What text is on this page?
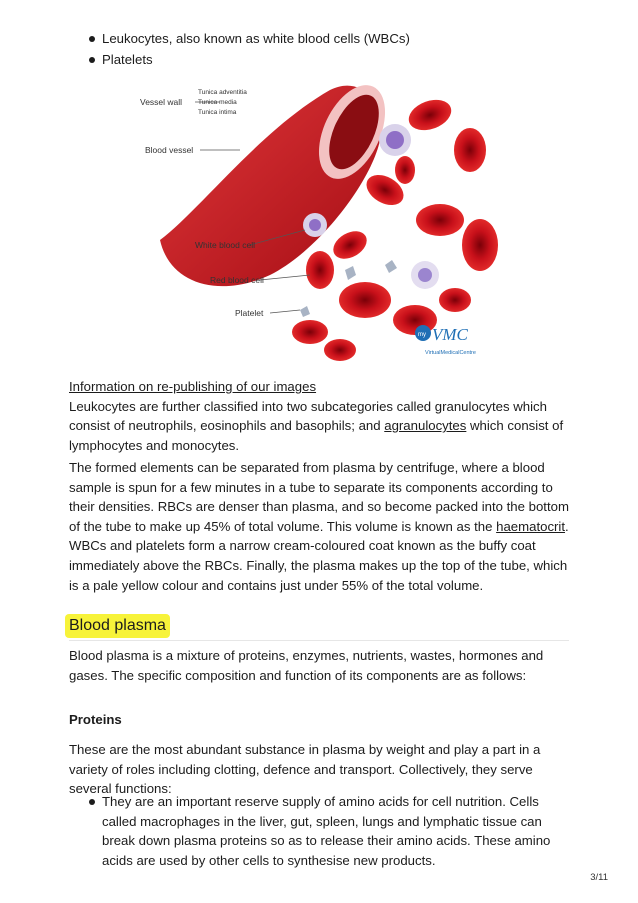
Leukocytes, also known as white blood cells (WBCs)
Platelets
Vessel wall
Tunica adventitia
Tunica media
Tunica intima
Blood vessel
White blood cell
Red blood cell
Platelet
my VMC
VirtualMedicalCentre

Information on re-publishing of our images

Leukocytes are further classified into two subcategories called granulocytes which consist of neutrophils, eosinophils and basophils; and agranulocytes which consist of lymphocytes and monocytes.

The formed elements can be separated from plasma by centrifuge, where a blood sample is spun for a few minutes in a tube to separate its components according to their densities. RBCs are denser than plasma, and so become packed into the bottom of the tube to make up 45% of total volume. This volume is known as the haematocrit. WBCs and platelets form a narrow cream-coloured coat known as the buffy coat immediately above the RBCs. Finally, the plasma makes up the top of the tube, which is a pale yellow colour and contains just under 55% of the total volume.

Blood plasma

Blood plasma is a mixture of proteins, enzymes, nutrients, wastes, hormones and gases. The specific composition and function of its components are as follows:

Proteins

These are the most abundant substance in plasma by weight and play a part in a variety of roles including clotting, defence and transport. Collectively, they serve several functions:

They are an important reserve supply of amino acids for cell nutrition. Cells called macrophages in the liver, gut, spleen, lungs and lymphatic tissue can break down plasma proteins so as to release their amino acids. These amino acids are used by other cells to synthesise new products.
3/11
